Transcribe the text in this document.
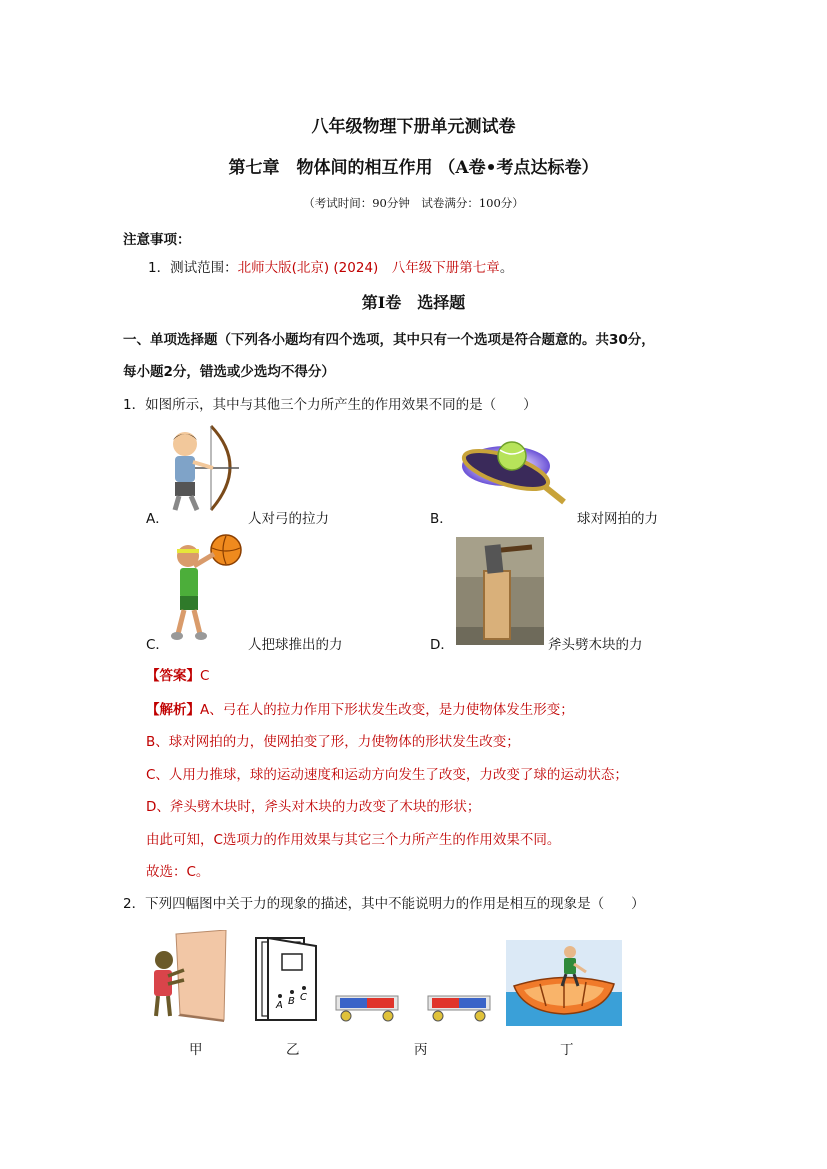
八年级物理下册单元测试卷
第七章　物体间的相互作用 （A卷•考点达标卷）
（考试时间：90分钟　试卷满分：100分）
注意事项：
1．测试范围：北师大版(北京) (2024)　八年级下册第七章。
第Ⅰ卷　选择题
一、单项选择题（下列各小题均有四个选项，其中只有一个选项是符合题意的。共30分，
每小题2分，错选或少选均不得分）
1．如图所示，其中与其他三个力所产生的作用效果不同的是（　　）
A．	人对弓的拉力	B．	球对网拍的力
C．	人把球推出的力	D．	斧头劈木块的力
【答案】C
【解析】A、弓在人的拉力作用下形状发生改变，是力使物体发生形变；
B、球对网拍的力，使网拍变了形，力使物体的形状发生改变；
C、人用力推球，球的运动速度和运动方向发生了改变，力改变了球的运动状态；
D、斧头劈木块时，斧头对木块的力改变了木块的形状；
由此可知，C选项力的作用效果与其它三个力所产生的作用效果不同。
故选：C。
2．下列四幅图中关于力的现象的描述，其中不能说明力的作用是相互的现象是（　　）
A B C
甲	乙	丙	丁
